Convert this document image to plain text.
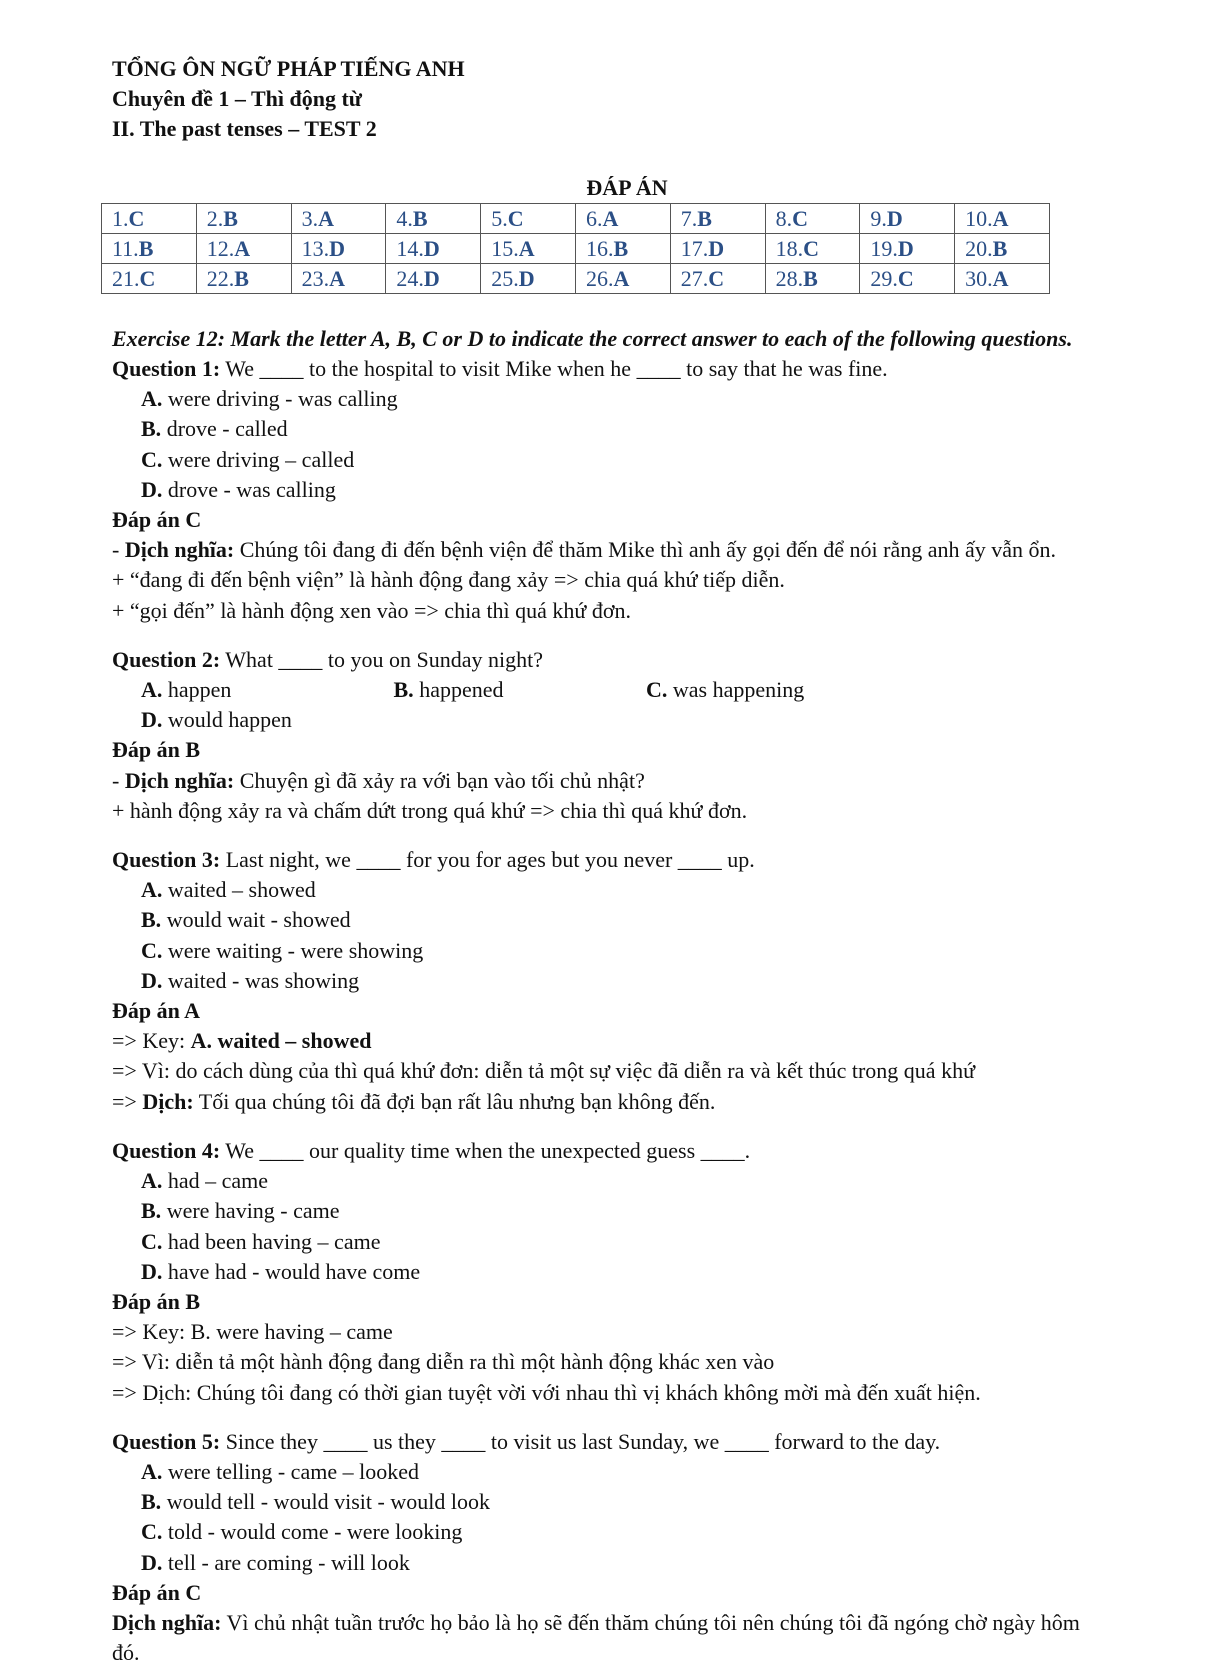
TỔNG ÔN NGỮ PHÁP TIẾNG ANH
Chuyên đề 1 – Thì động từ
II. The past tenses – TEST 2
ĐÁP ÁN
1.C	2.B	3.A	4.B	5.C	6.A	7.B	8.C	9.D	10.A
11.B	12.A	13.D	14.D	15.A	16.B	17.D	18.C	19.D	20.B
21.C	22.B	23.A	24.D	25.D	26.A	27.C	28.B	29.C	30.A
Exercise 12: Mark the letter A, B, C or D to indicate the correct answer to each of the following questions.
Question 1: We ____ to the hospital to visit Mike when he ____ to say that he was fine.
A. were driving - was calling
B. drove - called
C. were driving – called
D. drove - was calling
Đáp án C
- Dịch nghĩa: Chúng tôi đang đi đến bệnh viện để thăm Mike thì anh ấy gọi đến để nói rằng anh ấy vẫn ổn.
+ “đang đi đến bệnh viện” là hành động đang xảy => chia quá khứ tiếp diễn.
+ “gọi đến” là hành động xen vào => chia thì quá khứ đơn.
Question 2: What ____ to you on Sunday night?
A. happen	B. happened	C. was happening
D. would happen
Đáp án B
- Dịch nghĩa: Chuyện gì đã xảy ra với bạn vào tối chủ nhật?
+ hành động xảy ra và chấm dứt trong quá khứ => chia thì quá khứ đơn.
Question 3: Last night, we ____ for you for ages but you never ____ up.
A. waited – showed
B. would wait - showed
C. were waiting - were showing
D. waited - was showing
Đáp án A
=> Key: A. waited – showed
=> Vì: do cách dùng của thì quá khứ đơn: diễn tả một sự việc đã diễn ra và kết thúc trong quá khứ
=> Dịch: Tối qua chúng tôi đã đợi bạn rất lâu nhưng bạn không đến.
Question 4: We ____ our quality time when the unexpected guess ____.
A. had – came
B. were having - came
C. had been having – came
D. have had - would have come
Đáp án B
=> Key: B. were having – came
=> Vì: diễn tả một hành động đang diễn ra thì một hành động khác xen vào
=> Dịch: Chúng tôi đang có thời gian tuyệt vời với nhau thì vị khách không mời mà đến xuất hiện.
Question 5: Since they ____ us they ____ to visit us last Sunday, we ____ forward to the day.
A. were telling - came – looked
B. would tell - would visit - would look
C. told - would come - were looking
D. tell - are coming - will look
Đáp án C
Dịch nghĩa: Vì chủ nhật tuần trước họ bảo là họ sẽ đến thăm chúng tôi nên chúng tôi đã ngóng chờ ngày hôm đó.
